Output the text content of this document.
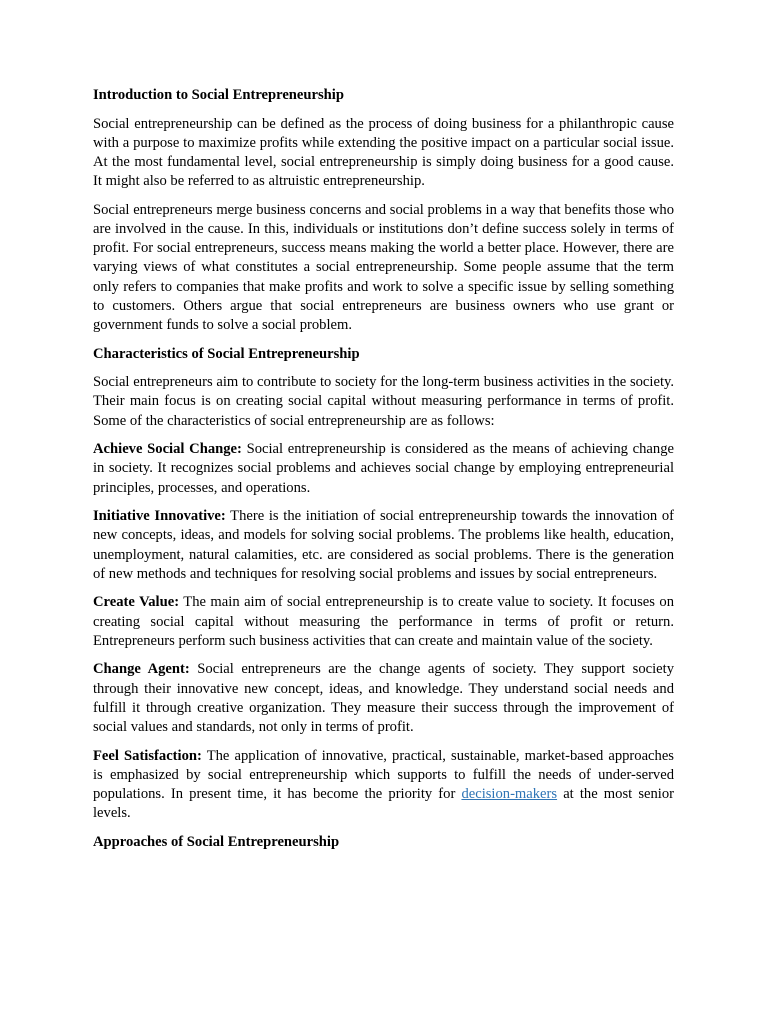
Introduction to Social Entrepreneurship

Social entrepreneurship can be defined as the process of doing business for a philanthropic cause with a purpose to maximize profits while extending the positive impact on a particular social issue. At the most fundamental level, social entrepreneurship is simply doing business for a good cause. It might also be referred to as altruistic entrepreneurship.

Social entrepreneurs merge business concerns and social problems in a way that benefits those who are involved in the cause. In this, individuals or institutions don’t define success solely in terms of profit. For social entrepreneurs, success means making the world a better place. However, there are varying views of what constitutes a social entrepreneurship. Some people assume that the term only refers to companies that make profits and work to solve a specific issue by selling something to customers. Others argue that social entrepreneurs are business owners who use grant or government funds to solve a social problem.

Characteristics of Social Entrepreneurship

Social entrepreneurs aim to contribute to society for the long-term business activities in the society. Their main focus is on creating social capital without measuring performance in terms of profit. Some of the characteristics of social entrepreneurship are as follows:

Achieve Social Change: Social entrepreneurship is considered as the means of achieving change in society. It recognizes social problems and achieves social change by employing entrepreneurial principles, processes, and operations.

Initiative Innovative: There is the initiation of social entrepreneurship towards the innovation of new concepts, ideas, and models for solving social problems. The problems like health, education, unemployment, natural calamities, etc. are considered as social problems. There is the generation of new methods and techniques for resolving social problems and issues by social entrepreneurs.

Create Value: The main aim of social entrepreneurship is to create value to society. It focuses on creating social capital without measuring the performance in terms of profit or return. Entrepreneurs perform such business activities that can create and maintain value of the society.

Change Agent: Social entrepreneurs are the change agents of society. They support society through their innovative new concept, ideas, and knowledge. They understand social needs and fulfill it through creative organization. They measure their success through the improvement of social values and standards, not only in terms of profit.

Feel Satisfaction: The application of innovative, practical, sustainable, market-based approaches is emphasized by social entrepreneurship which supports to fulfill the needs of under-served populations. In present time, it has become the priority for decision-makers at the most senior levels.

Approaches of Social Entrepreneurship
